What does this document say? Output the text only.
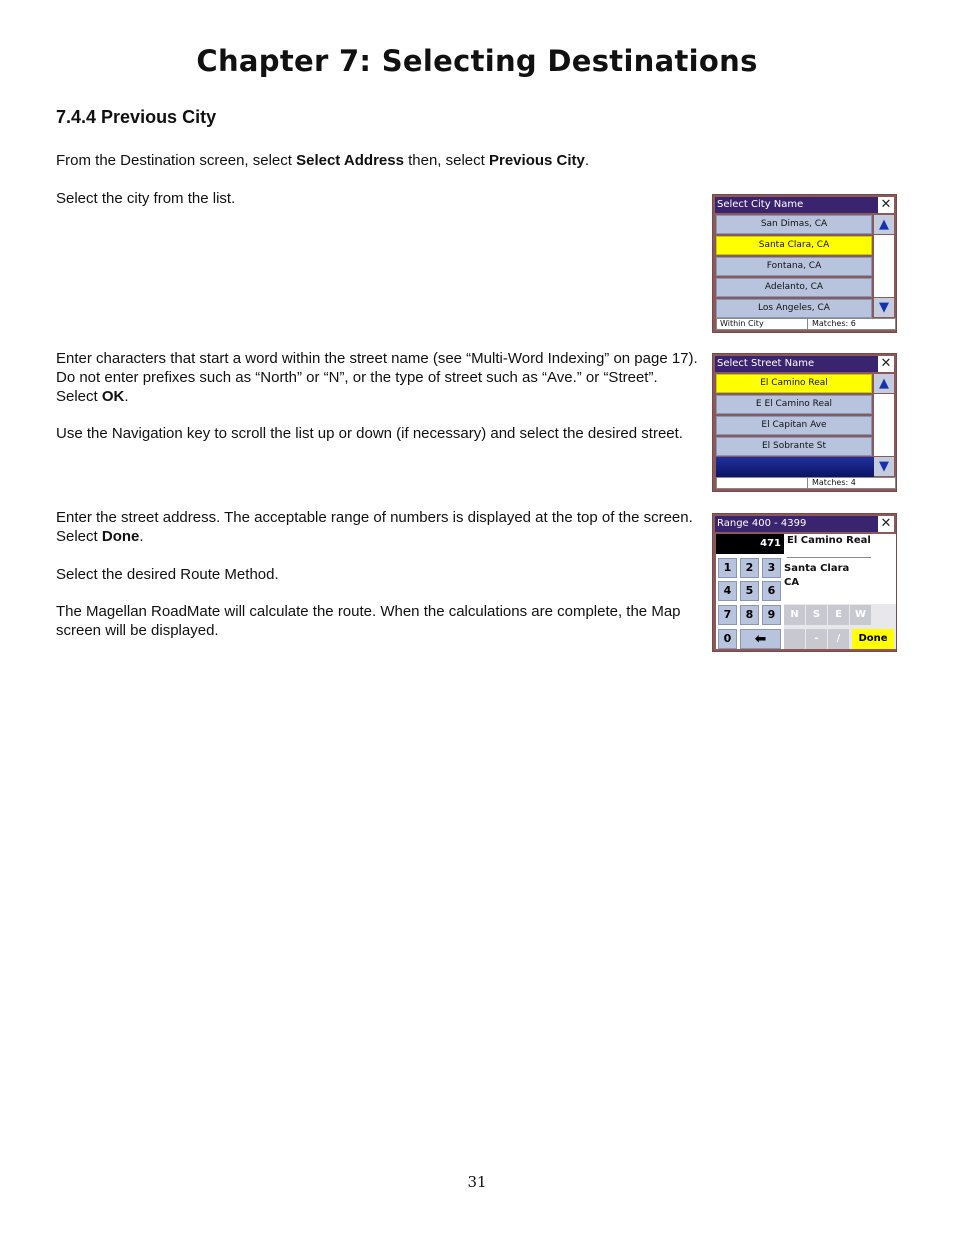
Chapter 7: Selecting Destinations
7.4.4 Previous City
From the Destination screen, select Select Address then, select Previous City.
Select the city from the list.
Enter characters that start a word within the street name (see “Multi-Word Indexing” on page 17). Do not enter prefixes such as “North” or “N”, or the type of street such as “Ave.” or “Street”. Select OK.
Use the Navigation key to scroll the list up or down (if necessary) and select the desired street.
Enter the street address. The acceptable range of numbers is displayed at the top of the screen. Select Done.
Select the desired Route Method.
The Magellan RoadMate will calculate the route. When the calculations are complete, the Map screen will be displayed.
Select City Name	✕
San Dimas, CA
Santa Clara, CA
Fontana, CA
Adelanto, CA
Los Angeles, CA
▲
▼
Within City	Matches: 6
Select Street Name	✕
El Camino Real
E El Camino Real
El Capitan Ave
El Sobrante St
▲
▼
Matches: 4
Range 400 - 4399	✕
471 El Camino Real
Santa Clara
CA
1	2	3
4	5	6
7	8	9
0	⬅
N	S	E	W
-	/	Done
31
